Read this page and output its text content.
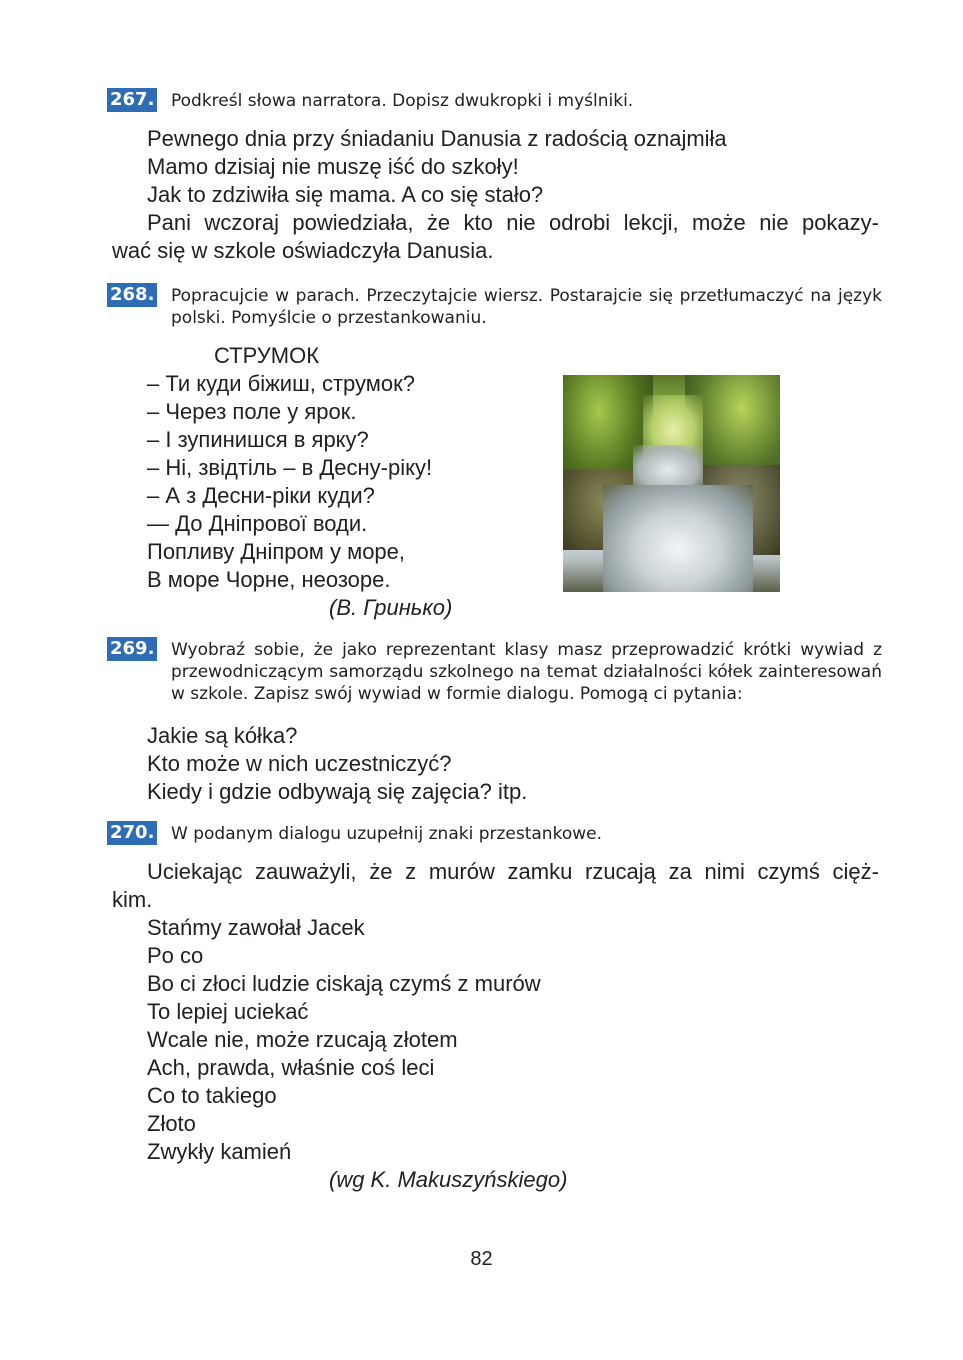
267. Podkreśl słowa narratora. Dopisz dwukropki i myślniki.
Pewnego dnia przy śniadaniu Danusia z radością oznajmiła
Mamo dzisiaj nie muszę iść do szkoły!
Jak to zdziwiła się mama. A co się stało?
Pani wczoraj powiedziała, że kto nie odrobi lekcji, może nie pokazy-
wać się w szkole oświadczyła Danusia.
268. Popracujcie w parach. Przeczytajcie wiersz. Postarajcie się przetłumaczyć na język polski. Pomyślcie o przestankowaniu.
СТРУМОК
– Ти куди біжиш, струмок?
– Через поле у ярок.
– І зупинишся в ярку?
– Ні, звідтіль – в Десну-ріку!
– А з Десни-ріки куди?
— До Дніпрової води.
Попливу Дніпром у море,
В море Чорне, неозоре.
(В. Гринько)
269. Wyobraź sobie, że jako reprezentant klasy masz przeprowadzić krótki wywiad z przewodniczącym samorządu szkolnego na temat działalności kółek zainteresowań w szkole. Zapisz swój wywiad w formie dialogu. Pomogą ci pytania:
Jakie są kółka?
Kto może w nich uczestniczyć?
Kiedy i gdzie odbywają się zajęcia? itp.
270. W podanym dialogu uzupełnij znaki przestankowe.
Uciekając zauważyli, że z murów zamku rzucają za nimi czymś cięż-
kim.
Stańmy zawołał Jacek
Po co
Bo ci złoci ludzie ciskają czymś z murów
To lepiej uciekać
Wcale nie, może rzucają złotem
Ach, prawda, właśnie coś leci
Co to takiego
Złoto
Zwykły kamień
(wg K. Makuszyńskiego)
82
